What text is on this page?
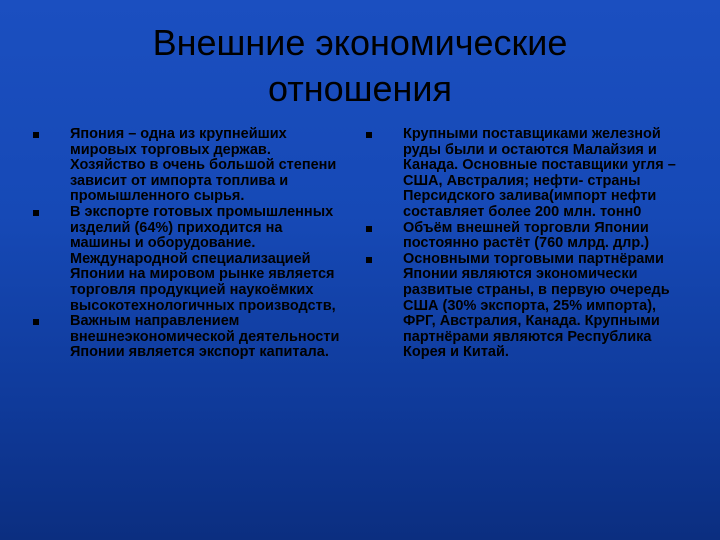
Внешние экономические
отношения
Япония – одна из крупнейших мировых торговых держав. Хозяйство в очень большой степени зависит от импорта топлива и промышленного сырья.
В экспорте готовых промышленных изделий (64%) приходится на машины и оборудование. Международной специализацией Японии на мировом рынке является торговля продукцией наукоёмких высокотехнологичных производств,
Важным направлением внешнеэкономической деятельности Японии является экспорт капитала.
Крупными поставщиками железной руды были и остаются Малайзия и Канада. Основные поставщики угля – США, Австралия; нефти- страны Персидского залива(импорт нефти составляет более 200 млн. тонн0
Объём внешней торговли Японии постоянно растёт (760 млрд. длр.)
Основными торговыми партнёрами Японии являются экономически развитые страны, в первую очередь США (30% экспорта, 25% импорта), ФРГ, Австралия, Канада. Крупными партнёрами являются Республика Корея и Китай.
